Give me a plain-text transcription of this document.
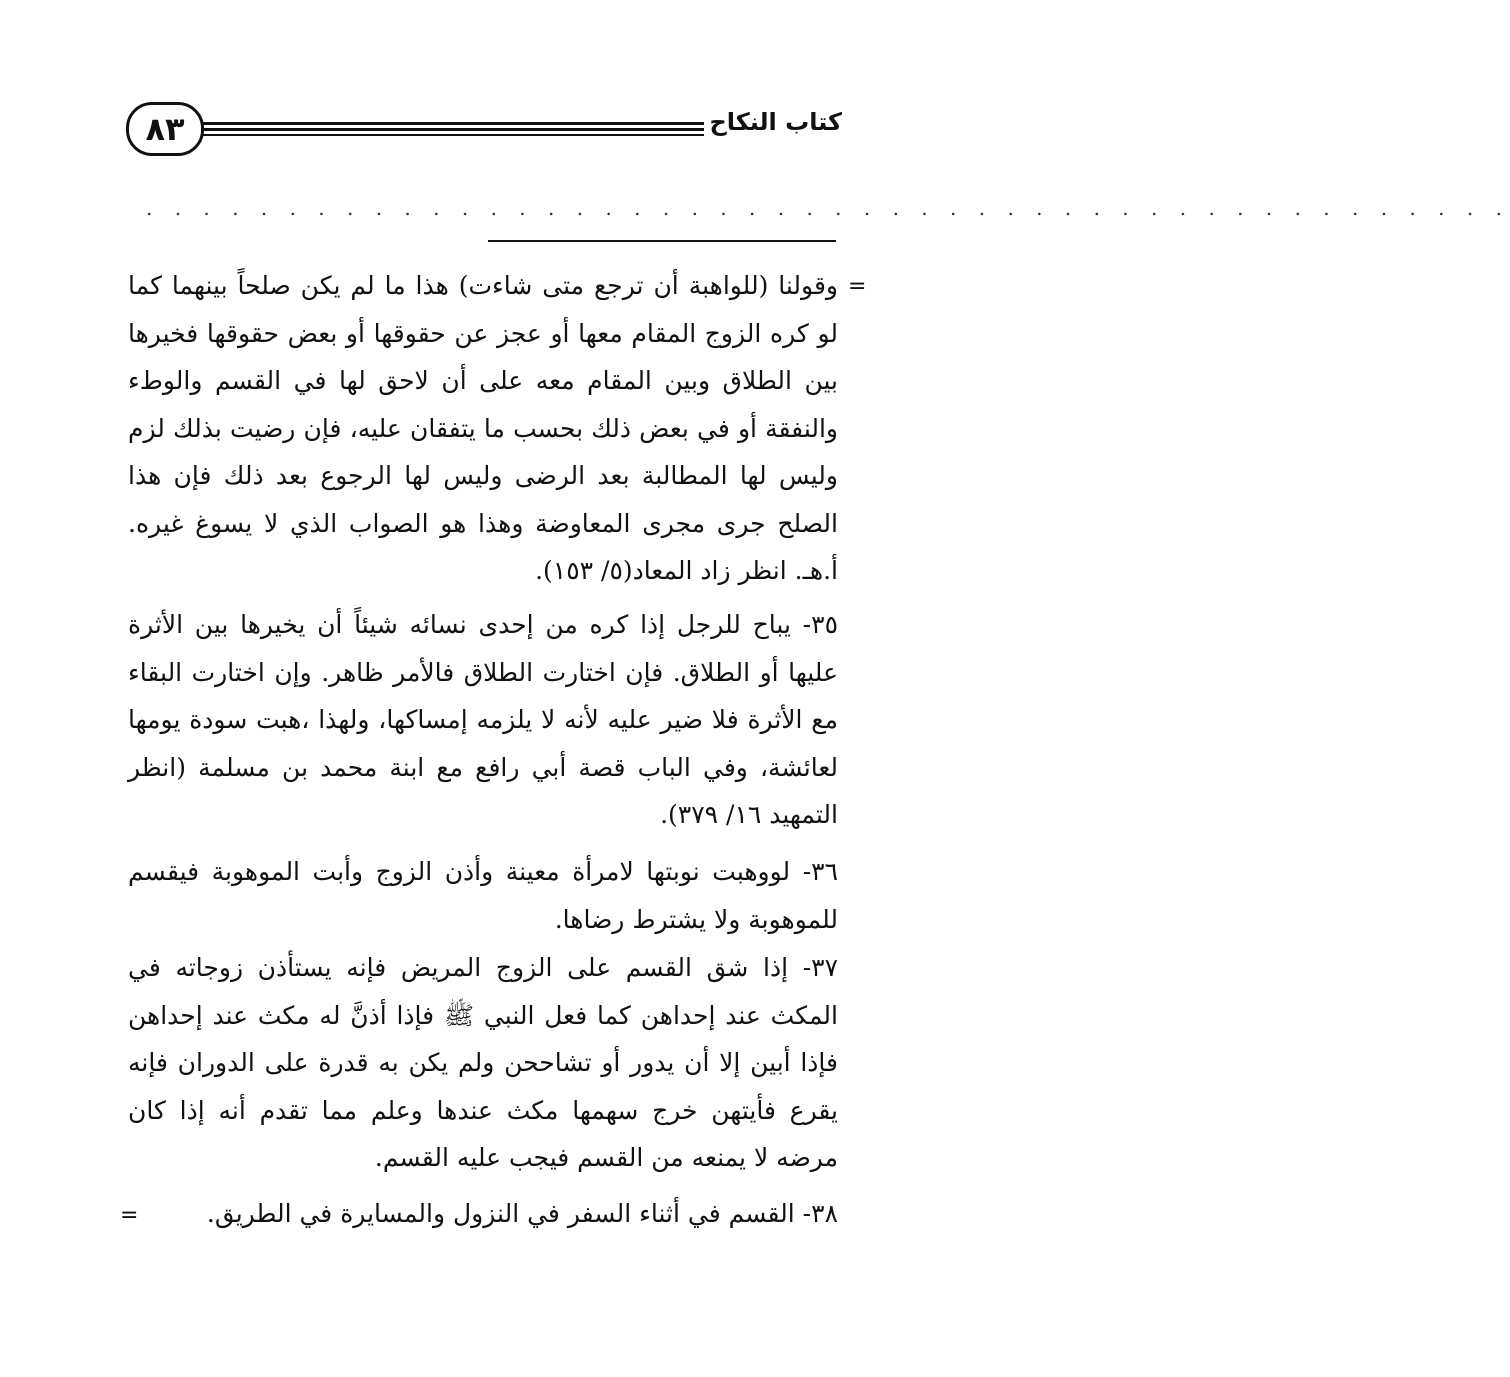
٨٣	كتاب النكاح
. . . . . . . . . . . . . . . . . . . . . . . . . . . . . . . . . . . . . . . . . . . . . . . .
=

وقولنا (للواهبة أن ترجع متى شاءت) هذا ما لم يكن صلحاً بينهما كما لو كره الزوج المقام معها أو عجز عن حقوقها أو بعض حقوقها فخيرها بين الطلاق وبين المقام معه على أن لاحق لها في القسم والوطء والنفقة أو في بعض ذلك بحسب ما يتفقان عليه، فإن رضيت بذلك لزم وليس لها المطالبة بعد الرضى وليس لها الرجوع بعد ذلك فإن هذا الصلح جرى مجرى المعاوضة وهذا هو الصواب الذي لا يسوغ غيره. أ.هـ. انظر زاد المعاد(٥/ ١٥٣).

٣٥- يباح للرجل إذا كره من إحدى نسائه شيئاً أن يخيرها بين الأثرة عليها أو الطلاق. فإن اختارت الطلاق فالأمر ظاهر. وإن اختارت البقاء مع الأثرة فلا ضير عليه لأنه لا يلزمه إمساكها، ولهذا ،هبت سودة يومها لعائشة، وفي الباب قصة أبي رافع مع ابنة محمد بن مسلمة (انظر التمهيد ١٦/ ٣٧٩).

٣٦- لووهبت نوبتها لامرأة معينة وأذن الزوج وأبت الموهوبة فيقسم للموهوبة ولا يشترط رضاها.

٣٧- إذا شق القسم على الزوج المريض فإنه يستأذن زوجاته في المكث عند إحداهن كما فعل النبي ﷺ فإذا أذنَّ له مكث عند إحداهن فإذا أبين إلا أن يدور أو تشاححن ولم يكن به قدرة على الدوران فإنه يقرع فأيتهن خرج سهمها مكث عندها وعلم مما تقدم أنه إذا كان مرضه لا يمنعه من القسم فيجب عليه القسم.

٣٨- القسم في أثناء السفر في النزول والمسايرة في الطريق.

=
